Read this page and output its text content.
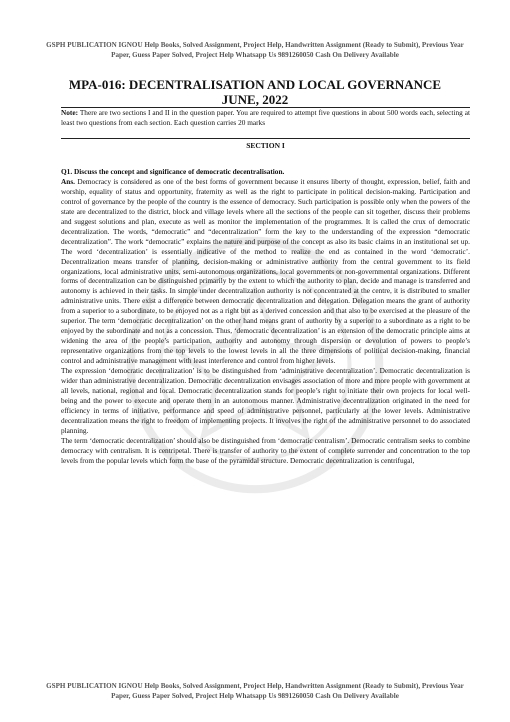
GSPH PUBLICATION IGNOU Help Books, Solved Assignment, Project Help, Handwritten Assignment (Ready to Submit), Previous Year Paper, Guess Paper Solved, Project Help Whatsapp Us 9891260050 Cash On Delivery Available
MPA-016: DECENTRALISATION AND LOCAL GOVERNANCE
JUNE, 2022
Note: There are two sections I and II in the question paper. You are required to attempt five questions in about 500 words each, selecting at least two questions from each section. Each question carries 20 marks
SECTION I

Q1. Discuss the concept and significance of democratic decentralisation.

Ans. Democracy is considered as one of the best forms of government because it ensures liberty of thought, expression, belief, faith and worship, equality of status and opportunity, fraternity as well as the right to participate in political decision-making. Participation and control of governance by the people of the country is the essence of democracy. Such participation is possible only when the powers of the state are decentralized to the district, block and village levels where all the sections of the people can sit together, discuss their problems and suggest solutions and plan, execute as well as monitor the implementation of the programmes. It is called the crux of democratic decentralization. The words, “democratic” and “decentralization” form the key to the understanding of the expression “democratic decentralization”. The work “democratic” explains the nature and purpose of the concept as also its basic claims in an institutional set up. The word ‘decentralization’ is essentially indicative of the method to realize the end as contained in the word ‘democratic’. Decentralization means transfer of planning, decision-making or administrative authority from the central government to its field organizations, local administrative units, semi-autonomous organizations, local governments or non-governmental organizations. Different forms of decentralization can be distinguished primarily by the extent to which the authority to plan, decide and manage is transferred and autonomy is achieved in their tasks. In simple under decentralization authority is not concentrated at the centre, it is distributed to smaller administrative units. There exist a difference between democratic decentralization and delegation. Delegation means the grant of authority from a superior to a subordinate, to be enjoyed not as a right but as a derived concession and that also to be exercised at the pleasure of the superior. The term ‘democratic decentralization’ on the other hand means grant of authority by a superior to a subordinate as a right to be enjoyed by the subordinate and not as a concession. Thus, ‘democratic decentralization’ is an extension of the democratic principle aims at widening the area of the people’s participation, authority and autonomy through dispersion or devolution of powers to people’s representative organizations from the top levels to the lowest levels in all the three dimensions of political decision-making, financial control and administrative management with least interference and control from higher levels.

The expression ‘democratic decentralization’ is to be distinguished from ‘administrative decentralization’. Democratic decentralization is wider than administrative decentralization. Democratic decentralization envisages association of more and more people with government at all levels, national, regional and local. Democratic decentralization stands for people’s right to initiate their own projects for local well-being and the power to execute and operate them in an autonomous manner. Administrative decentralization originated in the need for efficiency in terms of initiative, performance and speed of administrative personnel, particularly at the lower levels. Administrative decentralization means the right to freedom of implementing projects. It involves the right of the administrative personnel to do associated planning.

The term ‘democratic decentralization’ should also be distinguished from ‘democratic centralism’. Democratic centralism seeks to combine democracy with centralism. It is centripetal. There is transfer of authority to the extent of complete surrender and concentration to the top levels from the popular levels which form the base of the pyramidal structure. Democratic decentralization is centrifugal,

GSPH PUBLICATION IGNOU Help Books, Solved Assignment, Project Help, Handwritten Assignment (Ready to Submit), Previous Year Paper, Guess Paper Solved, Project Help Whatsapp Us 9891260050 Cash On Delivery Available
